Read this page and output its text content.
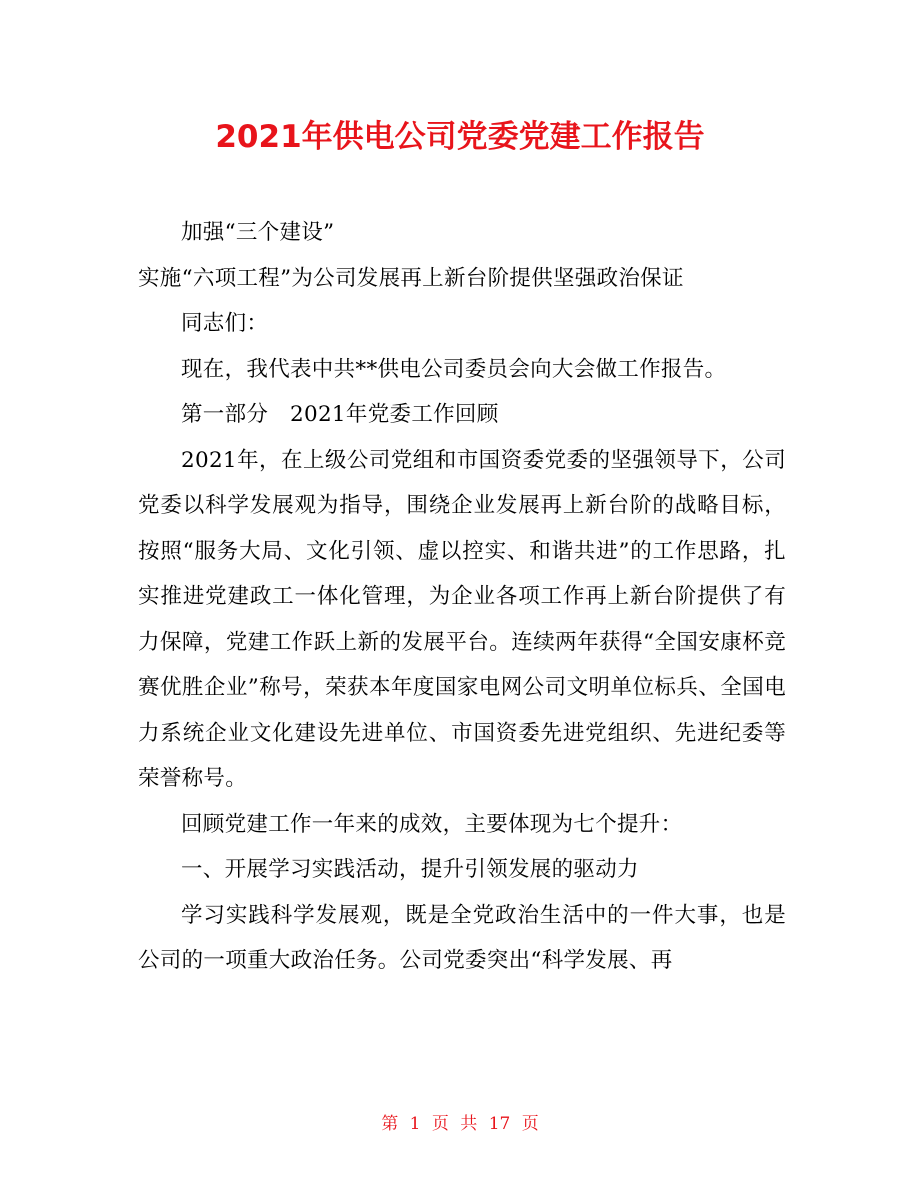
2021年供电公司党委党建工作报告

加强“三个建设”

实施“六项工程”为公司发展再上新台阶提供坚强政治保证

同志们：

现在，我代表中共**供电公司委员会向大会做工作报告。

第一部分　2021年党委工作回顾

2021年，在上级公司党组和市国资委党委的坚强领导下，公司党委以科学发展观为指导，围绕企业发展再上新台阶的战略目标，按照“服务大局、文化引领、虚以控实、和谐共进”的工作思路，扎实推进党建政工一体化管理，为企业各项工作再上新台阶提供了有力保障，党建工作跃上新的发展平台。连续两年获得“全国安康杯竞赛优胜企业”称号，荣获本年度国家电网公司文明单位标兵、全国电力系统企业文化建设先进单位、市国资委先进党组织、先进纪委等荣誉称号。

回顾党建工作一年来的成效，主要体现为七个提升：

一、开展学习实践活动，提升引领发展的驱动力

学习实践科学发展观，既是全党政治生活中的一件大事，也是公司的一项重大政治任务。公司党委突出“科学发展、再

第 1 页 共 17 页
